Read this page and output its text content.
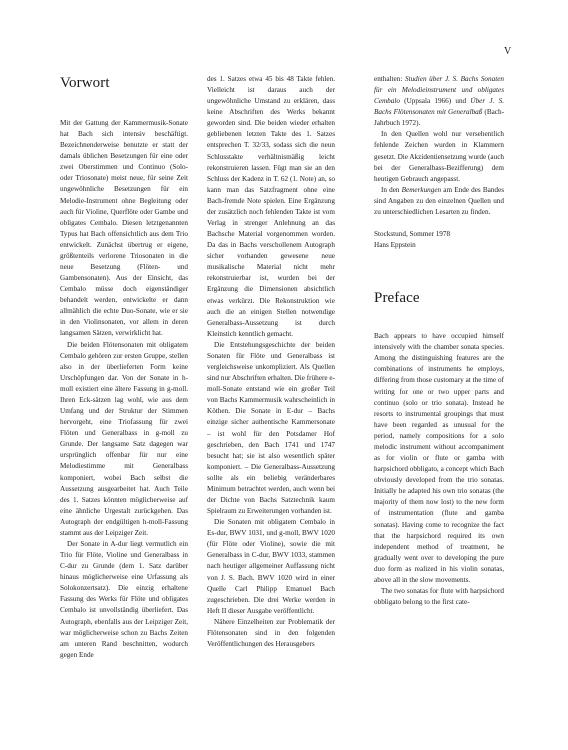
V
Vorwort

Mit der Gattung der Kammermusik-Sonate hat Bach sich intensiv beschäftigt. Bezeichnenderweise benutzte er statt der damals üblichen Besetzungen für eine oder zwei Oberstimmen und Continuo (Solo- oder Triosonate) meist neue, für seine Zeit ungewöhnliche Besetzungen für ein Melodie-Instrument ohne Begleitung oder auch für Violine, Querflöte oder Gambe und obligates Cembalo. Diesen letztgenannten Typus hat Bach offensichtlich aus dem Trio entwickelt. Zunächst übertrug er eigene, größtenteils verlorene Triosonaten in die neue Besetzung (Flöten- und Gambensonaten). Aus der Einsicht, das Cembalo müsse doch eigenständiger behandelt werden, entwickelte er dann allmählich die echte Duo-Sonate, wie er sie in den Violinsonaten, vor allem in deren langsamen Sätzen, verwirklicht hat.

Die beiden Flötensonaten mit obligatem Cembalo gehören zur ersten Gruppe, stellen also in der überlieferten Form keine Urschöpfungen dar. Von der Sonate in h-moll existiert eine ältere Fassung in g-moll. Ihren Eck-sätzen lag wohl, wie aus dem Umfang und der Struktur der Stimmen hervorgeht, eine Triofassung für zwei Flöten und Generalbass in g-moll zu Grunde. Der langsame Satz dagegen war ursprünglich offenbar für nur eine Melodiestimme mit Generalbass komponiert, wobei Bach selbst die Aussetzung ausgearbeitet hat. Auch Teile des 1. Satzes könnten möglicherweise auf eine ähnliche Urgestalt zurückgehen. Das Autograph der endgültigen h-moll-Fassung stammt aus der Leipziger Zeit.

Der Sonate in A-dur liegt vermutlich ein Trio für Flöte, Violine und Generalbass in C-dur zu Grunde (dem 1. Satz darüber hinaus möglicherweise eine Urfassung als Solokonzertsatz). Die einzig erhaltene Fassung des Werks für Flöte und obligates Cembalo ist unvollständig überliefert. Das Autograph, ebenfalls aus der Leipziger Zeit, war möglicherweise schon zu Bachs Zeiten am unteren Rand beschnitten, wodurch gegen Ende

des 1. Satzes etwa 45 bis 48 Takte fehlen. Vielleicht ist daraus auch der ungewöhnliche Umstand zu erklären, dass keine Abschriften des Werks bekannt geworden sind. Die beiden wieder erhalten gebliebenen letzten Takte des 1. Satzes entsprechen T. 32/33, sodass sich die neun Schlusstakte verhältnismäßig leicht rekonstruieren lassen. Fügt man sie an den Schluss der Kadenz in T. 62 (1. Note) an, so kann man das Satzfragment ohne eine Bach-fremde Note spielen. Eine Ergänzung der zusätzlich noch fehlenden Takte ist vom Verlag in strenger Anlehnung an das Bachsche Material vorgenommen worden. Da das in Bachs verschollenem Autograph sicher vorhanden gewesene neue musikalische Material nicht mehr rekonstruierbar ist, wurden bei der Ergänzung die Dimensionen absichtlich etwas verkürzt. Die Rekonstruktion wie auch die an einigen Stellen notwendige Generalbass-Aussetzung ist durch Kleinstich kenntlich gemacht.

Die Entstehungsgeschichte der beiden Sonaten für Flöte und Generalbass ist vergleichsweise unkompliziert. Als Quellen sind nur Abschriften erhalten. Die frühere e-moll-Sonate entstand wie ein großer Teil von Bachs Kammermusik wahrscheinlich in Köthen. Die Sonate in E-dur – Bachs einzige sicher authentische Kammersonate – ist wohl für den Potsdamer Hof geschrieben, den Bach 1741 und 1747 besucht hat; sie ist also wesentlich später komponiert. – Die Generalbass-Aussetzung sollte als ein beliebig veränderbares Minimum betrachtet werden, auch wenn bei der Dichte von Bachs Satztechnik kaum Spielraum zu Erweiterungen vorhanden ist.

Die Sonaten mit obligatem Cembalo in Es-dur, BWV 1031, und g-moll, BWV 1020 (für Flöte oder Violine), sowie die mit Generalbass in C-dur, BWV 1033, stammen nach heutiger allgemeiner Auffassung nicht von J. S. Bach. BWV 1020 wird in einer Quelle Carl Philipp Emanuel Bach zugeschrieben. Die drei Werke werden in Heft II dieser Ausgabe veröffentlicht.

Nähere Einzelheiten zur Problematik der Flötensonaten sind in den folgenden Veröffentlichungen des Herausgebers

enthalten: Studien über J. S. Bachs Sonaten für ein Melodieinstrument und obligates Cembalo (Uppsala 1966) und Über J. S. Bachs Flötensonaten mit Generalbaß (Bach-Jahrbuch 1972).

In den Quellen wohl nur versehentlich fehlende Zeichen wurden in Klammern gesetzt. Die Akzidentiensetzung wurde (auch bei der Generalbass-Bezifferung) dem heutigen Gebrauch angepasst.

In den Bemerkungen am Ende des Bandes sind Angaben zu den einzelnen Quellen und zu unterschiedlichen Lesarten zu finden.

Stockstund, Sommer 1978

Hans Eppstein

Preface

Bach appears to have occupied himself intensively with the chamber sonata species. Among the distinguishing features are the combinations of instruments he employs, differing from those customary at the time of writing for one or two upper parts and continuo (solo or trio sonata). Instead he resorts to instrumental groupings that must have been regarded as unusual for the period, namely compositions for a solo melodic instrument without accompaniment as for violin or flute or gamba with harpsichord obbligato, a concept which Bach obviously developed from the trio sonatas. Initially he adapted his own trio sonatas (the majority of them now lost) to the new form of instrumentation (flute and gamba sonatas). Having come to recognize the fact that the harpsichord required its own independent method of treatment, he gradually went over to developing the pure duo form as realized in his violin sonatas, above all in the slow movements.

The two sonatas for flute with harpsichord obbligato belong to the first cate-
